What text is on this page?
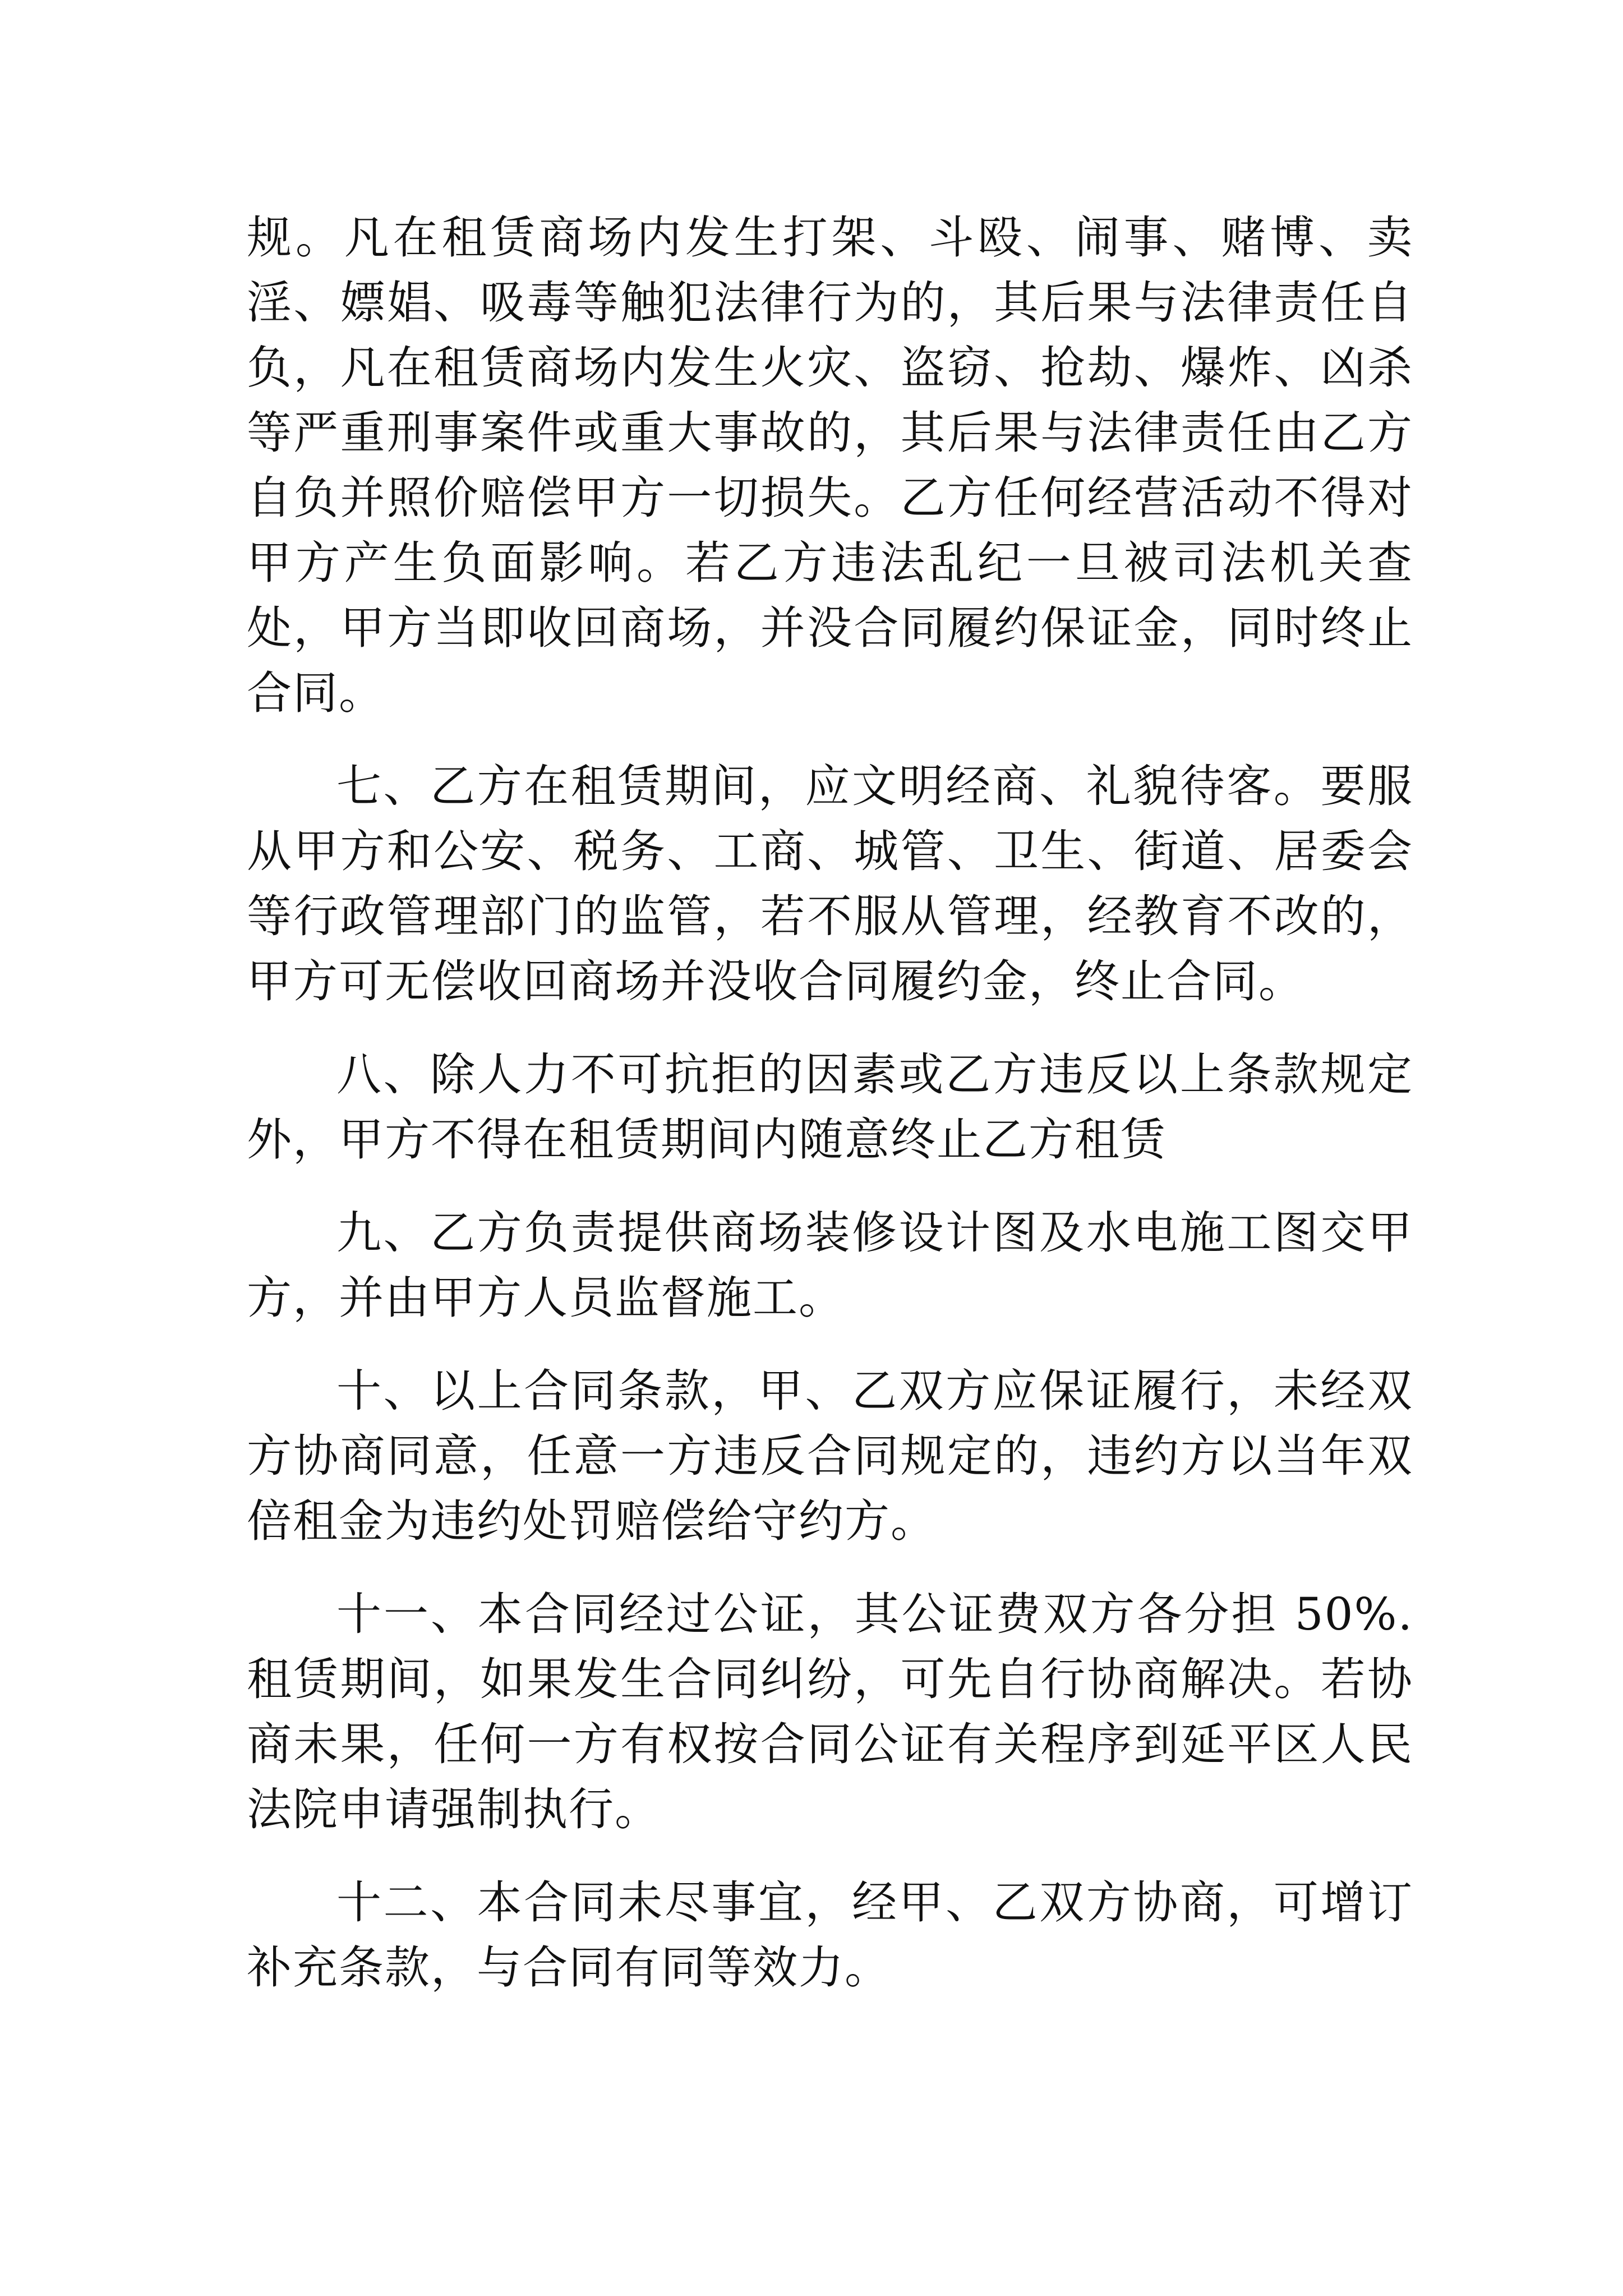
规。凡在租赁商场内发生打架、斗殴、闹事、赌博、卖淫、嫖娼、吸毒等触犯法律行为的，其后果与法律责任自负，凡在租赁商场内发生火灾、盗窃、抢劫、爆炸、凶杀等严重刑事案件或重大事故的，其后果与法律责任由乙方自负并照价赔偿甲方一切损失。乙方任何经营活动不得对甲方产生负面影响。若乙方违法乱纪一旦被司法机关查处，甲方当即收回商场，并没合同履约保证金，同时终止合同。

七、乙方在租赁期间，应文明经商、礼貌待客。要服从甲方和公安、税务、工商、城管、卫生、街道、居委会等行政管理部门的监管，若不服从管理，经教育不改的，甲方可无偿收回商场并没收合同履约金，终止合同。

八、除人力不可抗拒的因素或乙方违反以上条款规定外，甲方不得在租赁期间内随意终止乙方租赁

九、乙方负责提供商场装修设计图及水电施工图交甲方，并由甲方人员监督施工。

十、以上合同条款，甲、乙双方应保证履行，未经双方协商同意，任意一方违反合同规定的，违约方以当年双倍租金为违约处罚赔偿给守约方。

十一、本合同经过公证，其公证费双方各分担 50%. 租赁期间，如果发生合同纠纷，可先自行协商解决。若协商未果，任何一方有权按合同公证有关程序到延平区人民法院申请强制执行。

十二、本合同未尽事宜，经甲、乙双方协商，可增订补充条款，与合同有同等效力。
